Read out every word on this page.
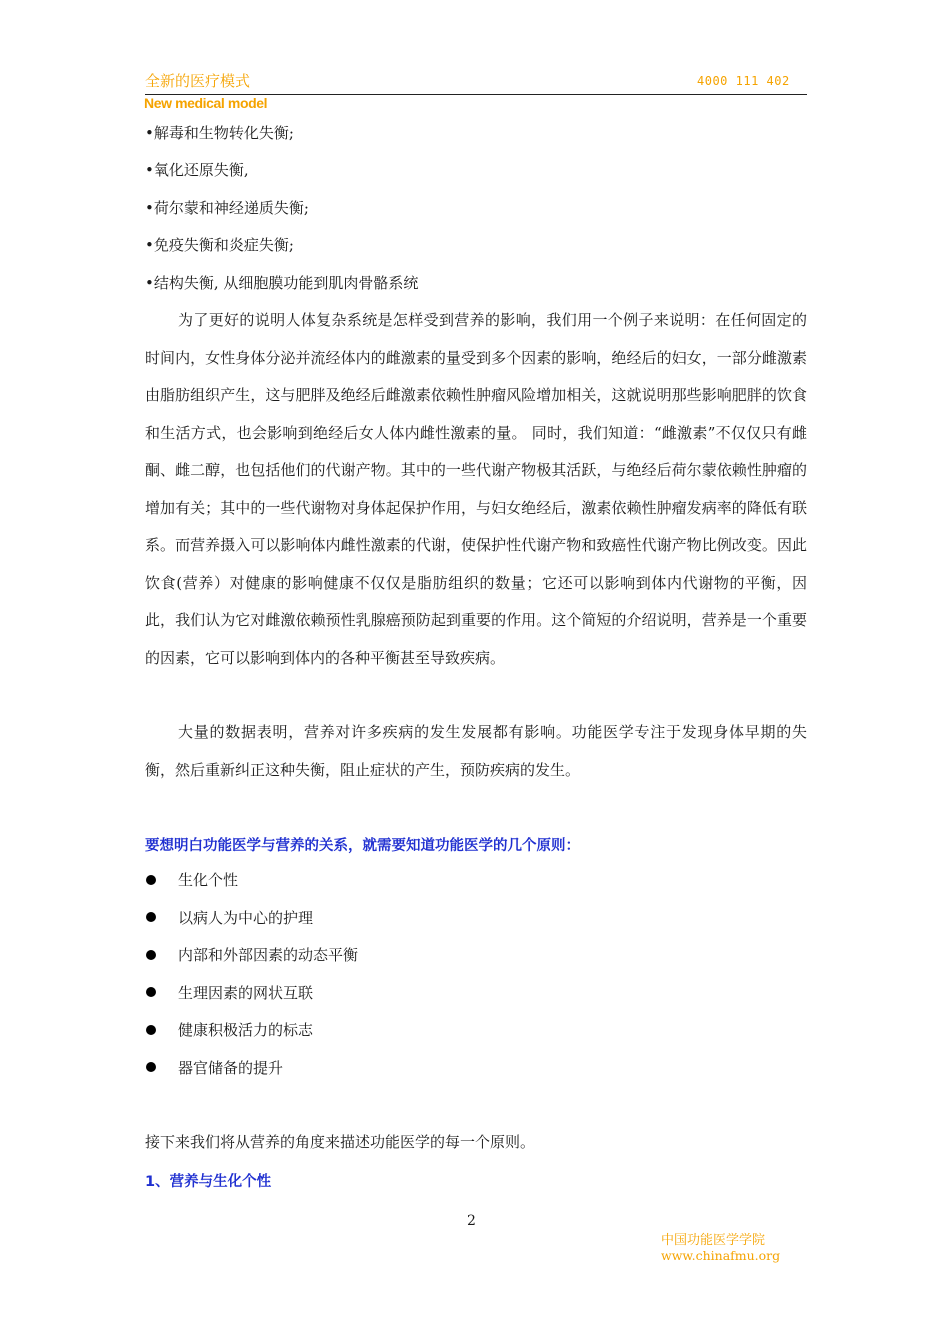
全新的医疗模式	4000 111 402
New medical model
•解毒和生物转化失衡;
•氧化还原失衡,
•荷尔蒙和神经递质失衡;
•免疫失衡和炎症失衡;
•结构失衡, 从细胞膜功能到肌肉骨骼系统

为了更好的说明人体复杂系统是怎样受到营养的影响，我们用一个例子来说明：在任何固定的时间内，女性身体分泌并流经体内的雌激素的量受到多个因素的影响，绝经后的妇女，一部分雌激素由脂肪组织产生，这与肥胖及绝经后雌激素依赖性肿瘤风险增加相关，这就说明那些影响肥胖的饮食和生活方式，也会影响到绝经后女人体内雌性激素的量。 同时，我们知道：“雌激素”不仅仅只有雌酮、雌二醇，也包括他们的代谢产物。其中的一些代谢产物极其活跃，与绝经后荷尔蒙依赖性肿瘤的增加有关；其中的一些代谢物对身体起保护作用，与妇女绝经后，激素依赖性肿瘤发病率的降低有联系。而营养摄入可以影响体内雌性激素的代谢，使保护性代谢产物和致癌性代谢产物比例改变。因此饮食(营养）对健康的影响健康不仅仅是脂肪组织的数量；它还可以影响到体内代谢物的平衡，因此，我们认为它对雌激依赖预性乳腺癌预防起到重要的作用。这个简短的介绍说明，营养是一个重要的因素，它可以影响到体内的各种平衡甚至导致疾病。

大量的数据表明，营养对许多疾病的发生发展都有影响。功能医学专注于发现身体早期的失衡，然后重新纠正这种失衡，阻止症状的产生，预防疾病的发生。

要想明白功能医学与营养的关系，就需要知道功能医学的几个原则：
生化个性
以病人为中心的护理
内部和外部因素的动态平衡
生理因素的网状互联
健康积极活力的标志
器官储备的提升
接下来我们将从营养的角度来描述功能医学的每一个原则。
1、营养与生化个性
2
中国功能医学学院
www.chinafmu.org
